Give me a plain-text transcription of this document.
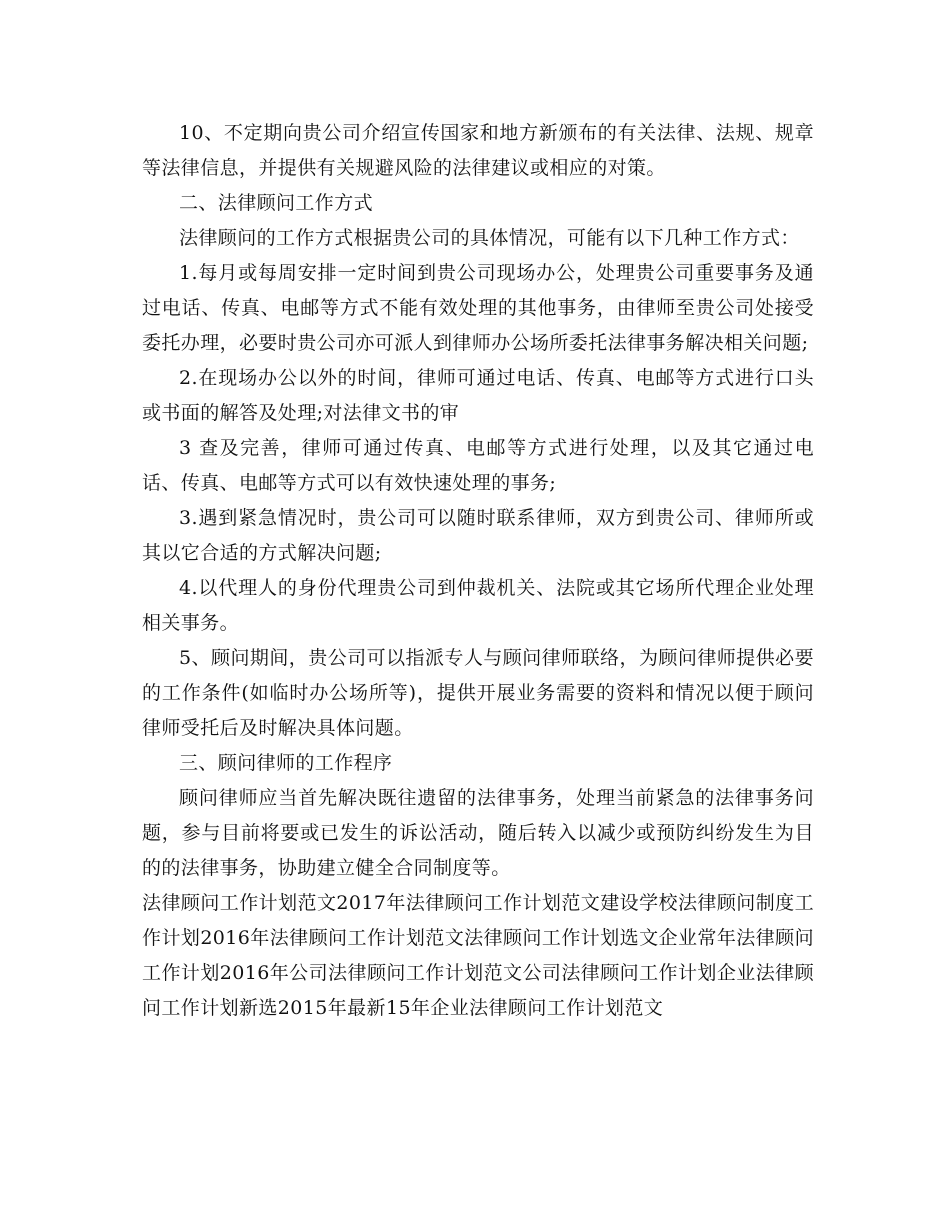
10、不定期向贵公司介绍宣传国家和地方新颁布的有关法律、法规、规章等法律信息，并提供有关规避风险的法律建议或相应的对策。

二、法律顾问工作方式

法律顾问的工作方式根据贵公司的具体情况，可能有以下几种工作方式：

1.每月或每周安排一定时间到贵公司现场办公，处理贵公司重要事务及通过电话、传真、电邮等方式不能有效处理的其他事务，由律师至贵公司处接受委托办理，必要时贵公司亦可派人到律师办公场所委托法律事务解决相关问题;

2.在现场办公以外的时间，律师可通过电话、传真、电邮等方式进行口头或书面的解答及处理;对法律文书的审

3 查及完善，律师可通过传真、电邮等方式进行处理，以及其它通过电话、传真、电邮等方式可以有效快速处理的事务;

3.遇到紧急情况时，贵公司可以随时联系律师，双方到贵公司、律师所或其以它合适的方式解决问题;

4.以代理人的身份代理贵公司到仲裁机关、法院或其它场所代理企业处理相关事务。

5、顾问期间，贵公司可以指派专人与顾问律师联络，为顾问律师提供必要的工作条件(如临时办公场所等)，提供开展业务需要的资料和情况以便于顾问律师受托后及时解决具体问题。

三、顾问律师的工作程序

顾问律师应当首先解决既往遗留的法律事务，处理当前紧急的法律事务问题，参与目前将要或已发生的诉讼活动，随后转入以减少或预防纠纷发生为目的的法律事务，协助建立健全合同制度等。

法律顾问工作计划范文2017年法律顾问工作计划范文建设学校法律顾问制度工作计划2016年法律顾问工作计划范文法律顾问工作计划选文企业常年法律顾问工作计划2016年公司法律顾问工作计划范文公司法律顾问工作计划企业法律顾问工作计划新选2015年最新15年企业法律顾问工作计划范文
